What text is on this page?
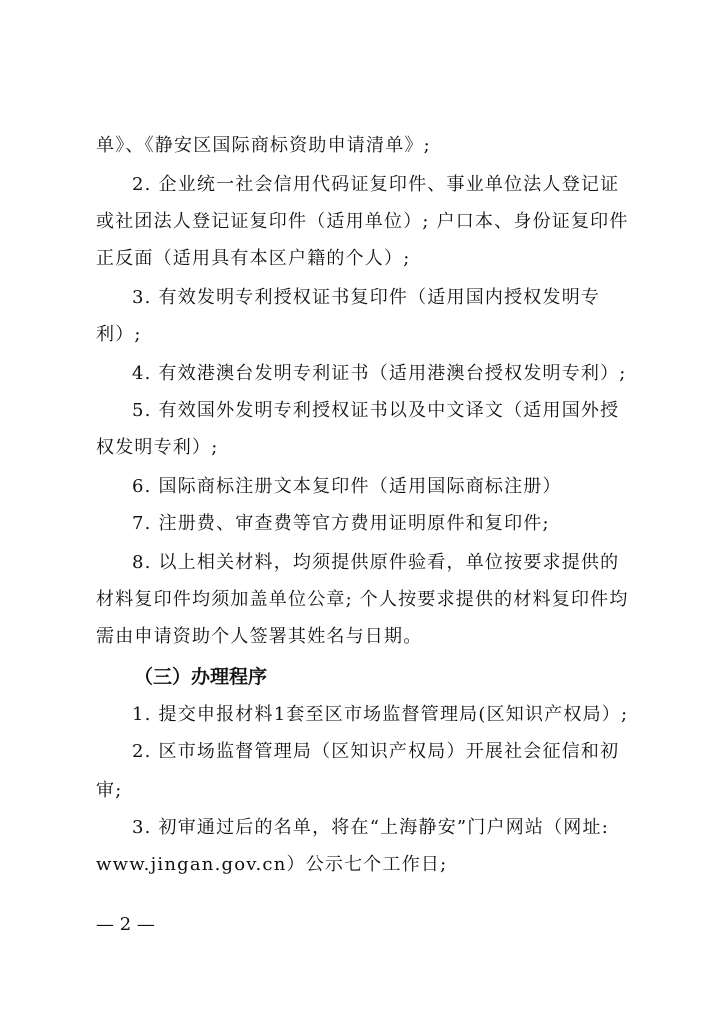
单》、《静安区国际商标资助申请清单》;
2. 企业统一社会信用代码证复印件、事业单位法人登记证
或社团法人登记证复印件（适用单位）; 户口本、身份证复印件
正反面（适用具有本区户籍的个人）;
3. 有效发明专利授权证书复印件（适用国内授权发明专
利）;
4. 有效港澳台发明专利证书（适用港澳台授权发明专利）;
5. 有效国外发明专利授权证书以及中文译文（适用国外授
权发明专利）;
6. 国际商标注册文本复印件（适用国际商标注册）
7. 注册费、审查费等官方费用证明原件和复印件;
8. 以上相关材料，均须提供原件验看，单位按要求提供的
材料复印件均须加盖单位公章; 个人按要求提供的材料复印件均
需由申请资助个人签署其姓名与日期。
（三）办理程序
1. 提交申报材料1套至区市场监督管理局(区知识产权局）;
2. 区市场监督管理局（区知识产权局）开展社会征信和初
审;
3. 初审通过后的名单，将在“上海静安”门户网站（网址:
www.jingan.gov.cn）公示七个工作日;
— 2 —
